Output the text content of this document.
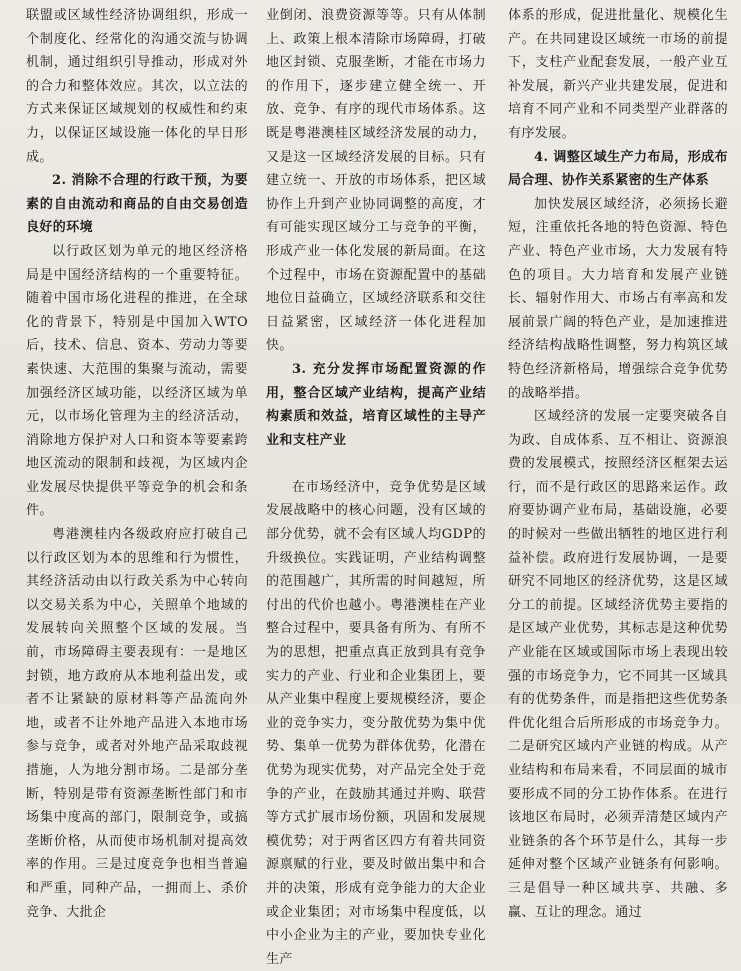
联盟或区域性经济协调组织，形成一个制度化、经常化的沟通交流与协调机制，通过组织引导推动，形成对外的合力和整体效应。其次，以立法的方式来保证区域规划的权威性和约束力，以保证区域设施一体化的早日形成。

2. 消除不合理的行政干预，为要素的自由流动和商品的自由交易创造良好的环境

以行政区划为单元的地区经济格局是中国经济结构的一个重要特征。随着中国市场化进程的推进，在全球化的背景下，特别是中国加入WTO后，技术、信息、资本、劳动力等要素快速、大范围的集聚与流动，需要加强经济区域功能，以经济区域为单元，以市场化管理为主的经济活动，消除地方保护对人口和资本等要素跨地区流动的限制和歧视，为区域内企业发展尽快提供平等竞争的机会和条件。

粤港澳桂内各级政府应打破自己以行政区划为本的思维和行为惯性，其经济活动由以行政关系为中心转向以交易关系为中心，关照单个地域的发展转向关照整个区域的发展。当前，市场障碍主要表现有：一是地区封锁，地方政府从本地利益出发，或者不让紧缺的原材料等产品流向外地，或者不让外地产品进入本地市场参与竞争，或者对外地产品采取歧视措施，人为地分割市场。二是部分垄断，特别是带有资源垄断性部门和市场集中度高的部门，限制竞争，或搞垄断价格，从而使市场机制对提高效率的作用。三是过度竞争也相当普遍和严重，同种产品，一拥而上、杀价竞争、大批企

业倒闭、浪费资源等等。只有从体制上、政策上根本清除市场障碍，打破地区封锁、克服垄断，才能在市场力的作用下，逐步建立健全统一、开放、竞争、有序的现代市场体系。这既是粤港澳桂区域经济发展的动力，又是这一区域经济发展的目标。只有建立统一、开放的市场体系，把区域协作上升到产业协同调整的高度，才有可能实现区域分工与竞争的平衡，形成产业一体化发展的新局面。在这个过程中，市场在资源配置中的基础地位日益确立，区域经济联系和交往日益紧密，区域经济一体化进程加快。

3. 充分发挥市场配置资源的作用，整合区域产业结构，提高产业结构素质和效益，培育区域性的主导产业和支柱产业

在市场经济中，竞争优势是区域发展战略中的核心问题，没有区域的部分优势，就不会有区域人均GDP的升级换位。实践证明，产业结构调整的范围越广，其所需的时间越短，所付出的代价也越小。粤港澳桂在产业整合过程中，要具备有所为、有所不为的思想，把重点真正放到具有竞争实力的产业、行业和企业集团上，要从产业集中程度上要规模经济，要企业的竞争实力，变分散优势为集中优势、集单一优势为群体优势，化潜在优势为现实优势，对产品完全处于竞争的产业，在鼓励其通过并购、联营等方式扩展市场份额，巩固和发展规模优势；对于两省区四方有着共同资源禀赋的行业，要及时做出集中和合并的决策，形成有竞争能力的大企业或企业集团；对市场集中程度低，以中小企业为主的产业，要加快专业化生产

体系的形成，促进批量化、规模化生产。在共同建设区域统一市场的前提下，支柱产业配套发展，一般产业互补发展，新兴产业共建发展，促进和培育不同产业和不同类型产业群落的有序发展。

4. 调整区域生产力布局，形成布局合理、协作关系紧密的生产体系

加快发展区域经济，必须扬长避短，注重依托各地的特色资源、特色产业、特色产业市场，大力发展有特色的项目。大力培育和发展产业链长、辐射作用大、市场占有率高和发展前景广阔的特色产业，是加速推进经济结构战略性调整，努力构筑区域特色经济新格局，增强综合竞争优势的战略举措。

区域经济的发展一定要突破各自为政、自成体系、互不相让、资源浪费的发展模式，按照经济区框架去运行，而不是行政区的思路来运作。政府要协调产业布局，基础设施，必要的时候对一些做出牺牲的地区进行利益补偿。政府进行发展协调，一是要研究不同地区的经济优势，这是区域分工的前提。区域经济优势主要指的是区域产业优势，其标志是这种优势产业能在区域或国际市场上表现出较强的市场竞争力，它不同其一区域具有的优势条件，而是指把这些优势条件优化组合后所形成的市场竞争力。二是研究区域内产业链的构成。从产业结构和布局来看，不同层面的城市要形成不同的分工协作体系。在进行该地区布局时，必须弄清楚区域内产业链条的各个环节是什么，其每一步延伸对整个区域产业链条有何影响。三是倡导一种区域共享、共融、多赢、互让的理念。通过
